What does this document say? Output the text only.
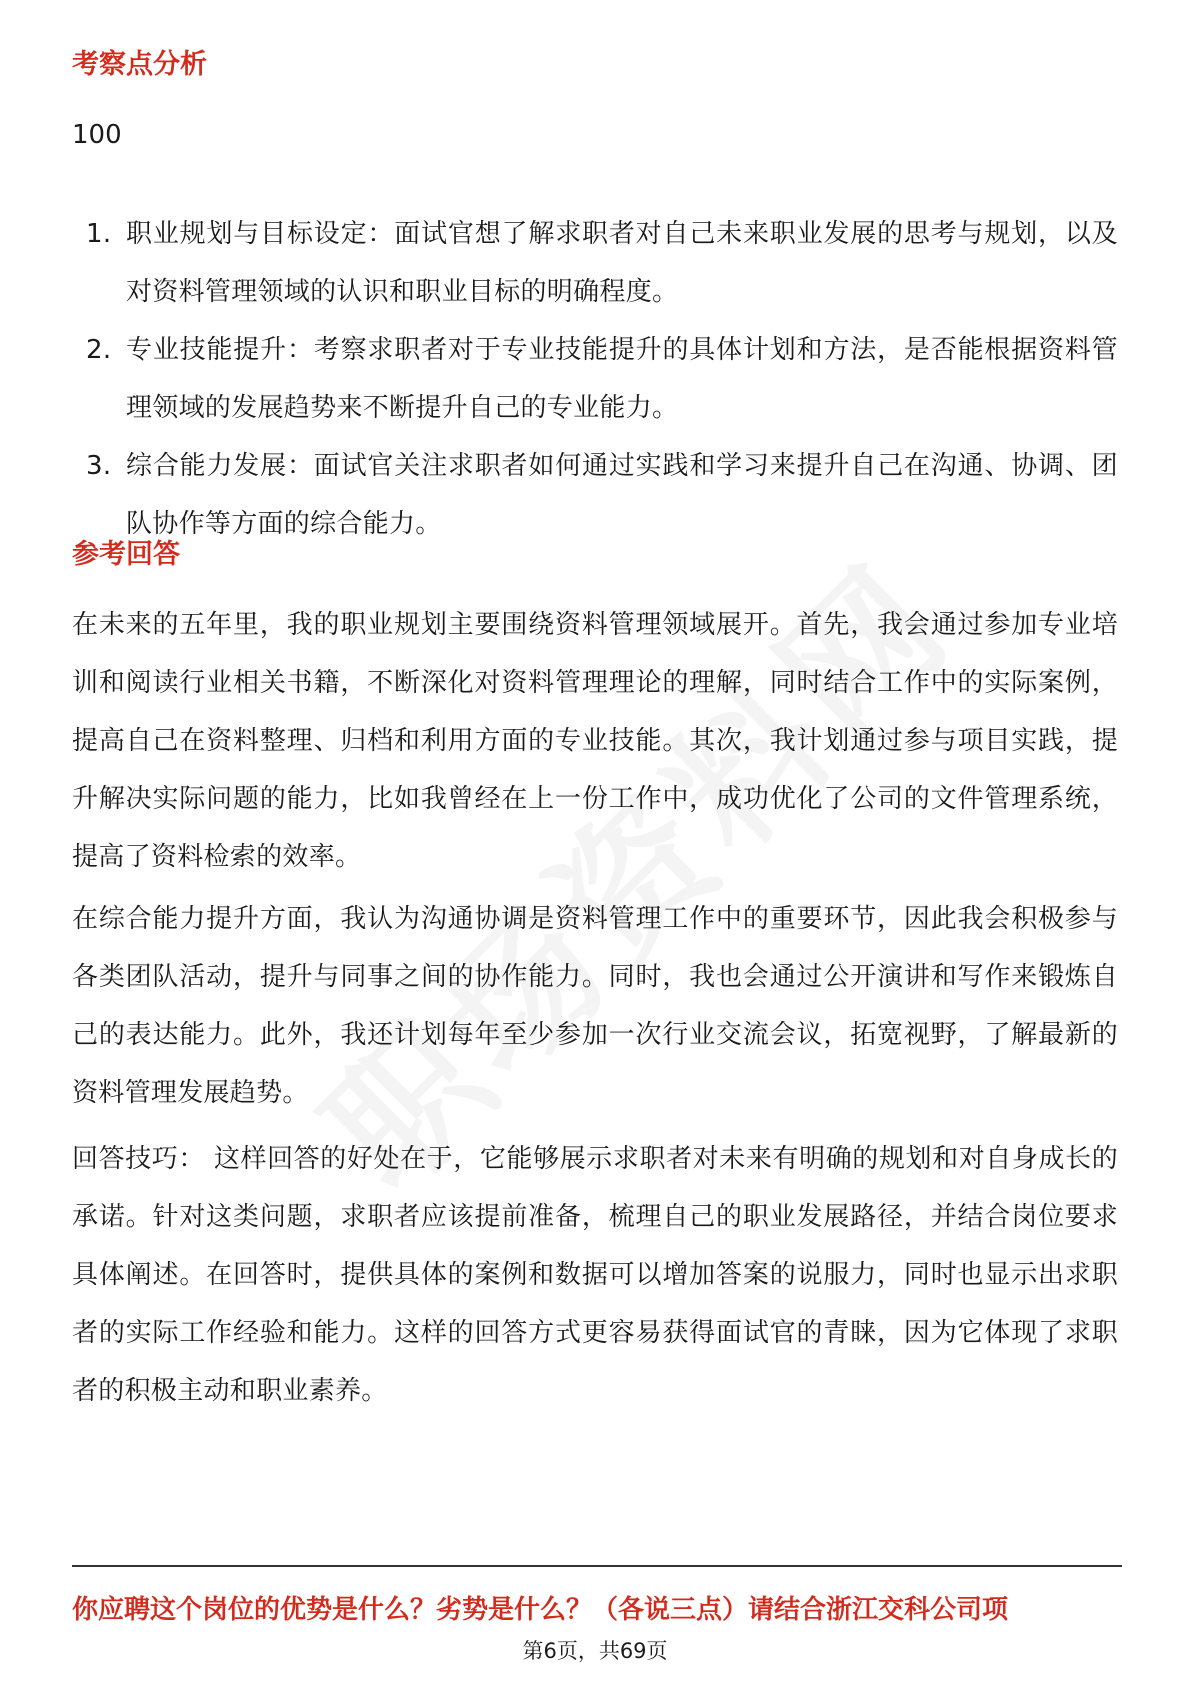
考察点分析

100

1. 职业规划与目标设定：面试官想了解求职者对自己未来职业发展的思考与规划，以及对资料管理领域的认识和职业目标的明确程度。
2. 专业技能提升：考察求职者对于专业技能提升的具体计划和方法，是否能根据资料管理领域的发展趋势来不断提升自己的专业能力。
3. 综合能力发展：面试官关注求职者如何通过实践和学习来提升自己在沟通、协调、团队协作等方面的综合能力。
参考回答

在未来的五年里，我的职业规划主要围绕资料管理领域展开。首先，我会通过参加专业培训和阅读行业相关书籍，不断深化对资料管理理论的理解，同时结合工作中的实际案例，提高自己在资料整理、归档和利用方面的专业技能。其次，我计划通过参与项目实践，提升解决实际问题的能力，比如我曾经在上一份工作中，成功优化了公司的文件管理系统，提高了资料检索的效率。

在综合能力提升方面，我认为沟通协调是资料管理工作中的重要环节，因此我会积极参与各类团队活动，提升与同事之间的协作能力。同时，我也会通过公开演讲和写作来锻炼自己的表达能力。此外，我还计划每年至少参加一次行业交流会议，拓宽视野，了解最新的资料管理发展趋势。

回答技巧： 这样回答的好处在于，它能够展示求职者对未来有明确的规划和对自身成长的承诺。针对这类问题，求职者应该提前准备，梳理自己的职业发展路径，并结合岗位要求具体阐述。在回答时，提供具体的案例和数据可以增加答案的说服力，同时也显示出求职者的实际工作经验和能力。这样的回答方式更容易获得面试官的青睐，因为它体现了求职者的积极主动和职业素养。

你应聘这个岗位的优势是什么？劣势是什么？（各说三点）请结合浙江交科公司项
第6页，共69页
